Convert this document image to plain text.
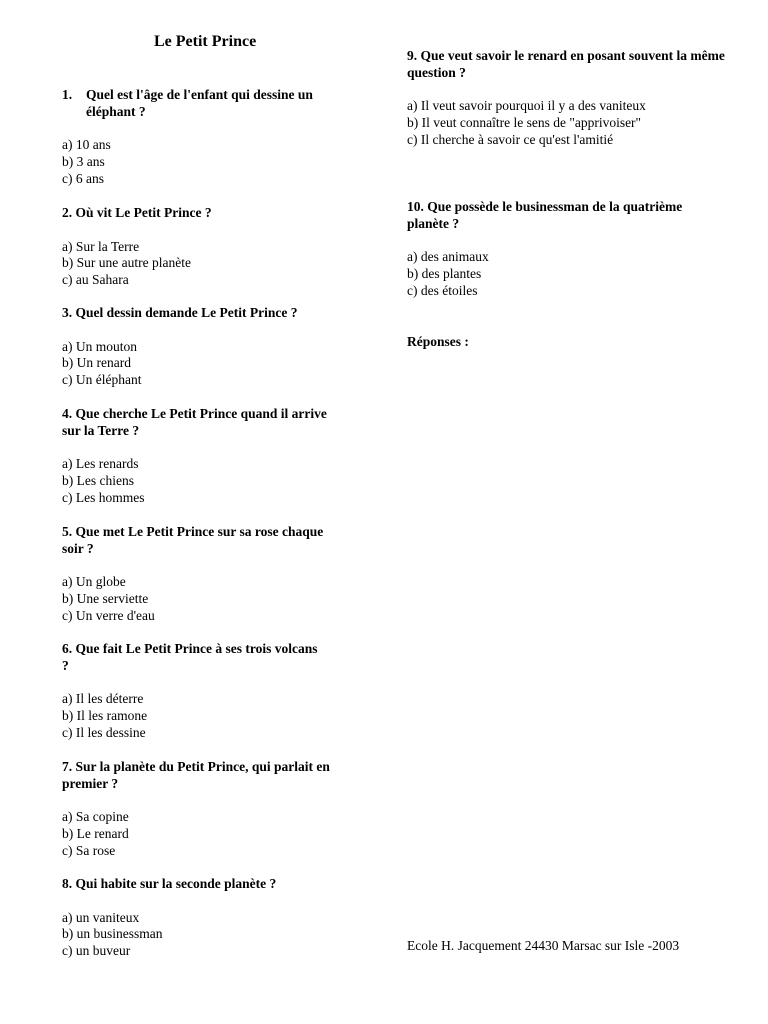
Le Petit Prince
1.	Quel est l'âge de l'enfant qui dessine un éléphant ?
a) 10 ans
b) 3 ans
c) 6 ans
2. Où vit Le Petit Prince ?
a) Sur la Terre
b) Sur une autre planète
c) au Sahara
3. Quel dessin demande Le Petit Prince ?
a) Un mouton
b) Un renard
c) Un éléphant
4. Que cherche Le Petit Prince quand il arrive sur la Terre ?
a) Les renards
b) Les chiens
c) Les hommes
5. Que met Le Petit Prince sur sa rose chaque soir ?
a) Un globe
b) Une serviette
c) Un verre d'eau
6. Que fait Le Petit Prince à ses trois volcans ?
a) Il les déterre
b) Il les ramone
c) Il les dessine
7. Sur la planète du Petit Prince, qui parlait en premier ?
a) Sa copine
b) Le renard
c) Sa rose
8. Qui habite sur la seconde planète ?
a) un vaniteux
b) un businessman
c) un buveur
9. Que veut savoir le renard en posant souvent la même question ?
a) Il veut savoir pourquoi il y a des vaniteux
b) Il veut connaître le sens de "apprivoiser"
c) Il cherche à savoir ce qu'est l'amitié
10. Que possède le businessman de la quatrième planète ?
a) des animaux
b) des plantes
c) des étoiles
Réponses :
Ecole H. Jacquement 24430 Marsac sur Isle -2003
